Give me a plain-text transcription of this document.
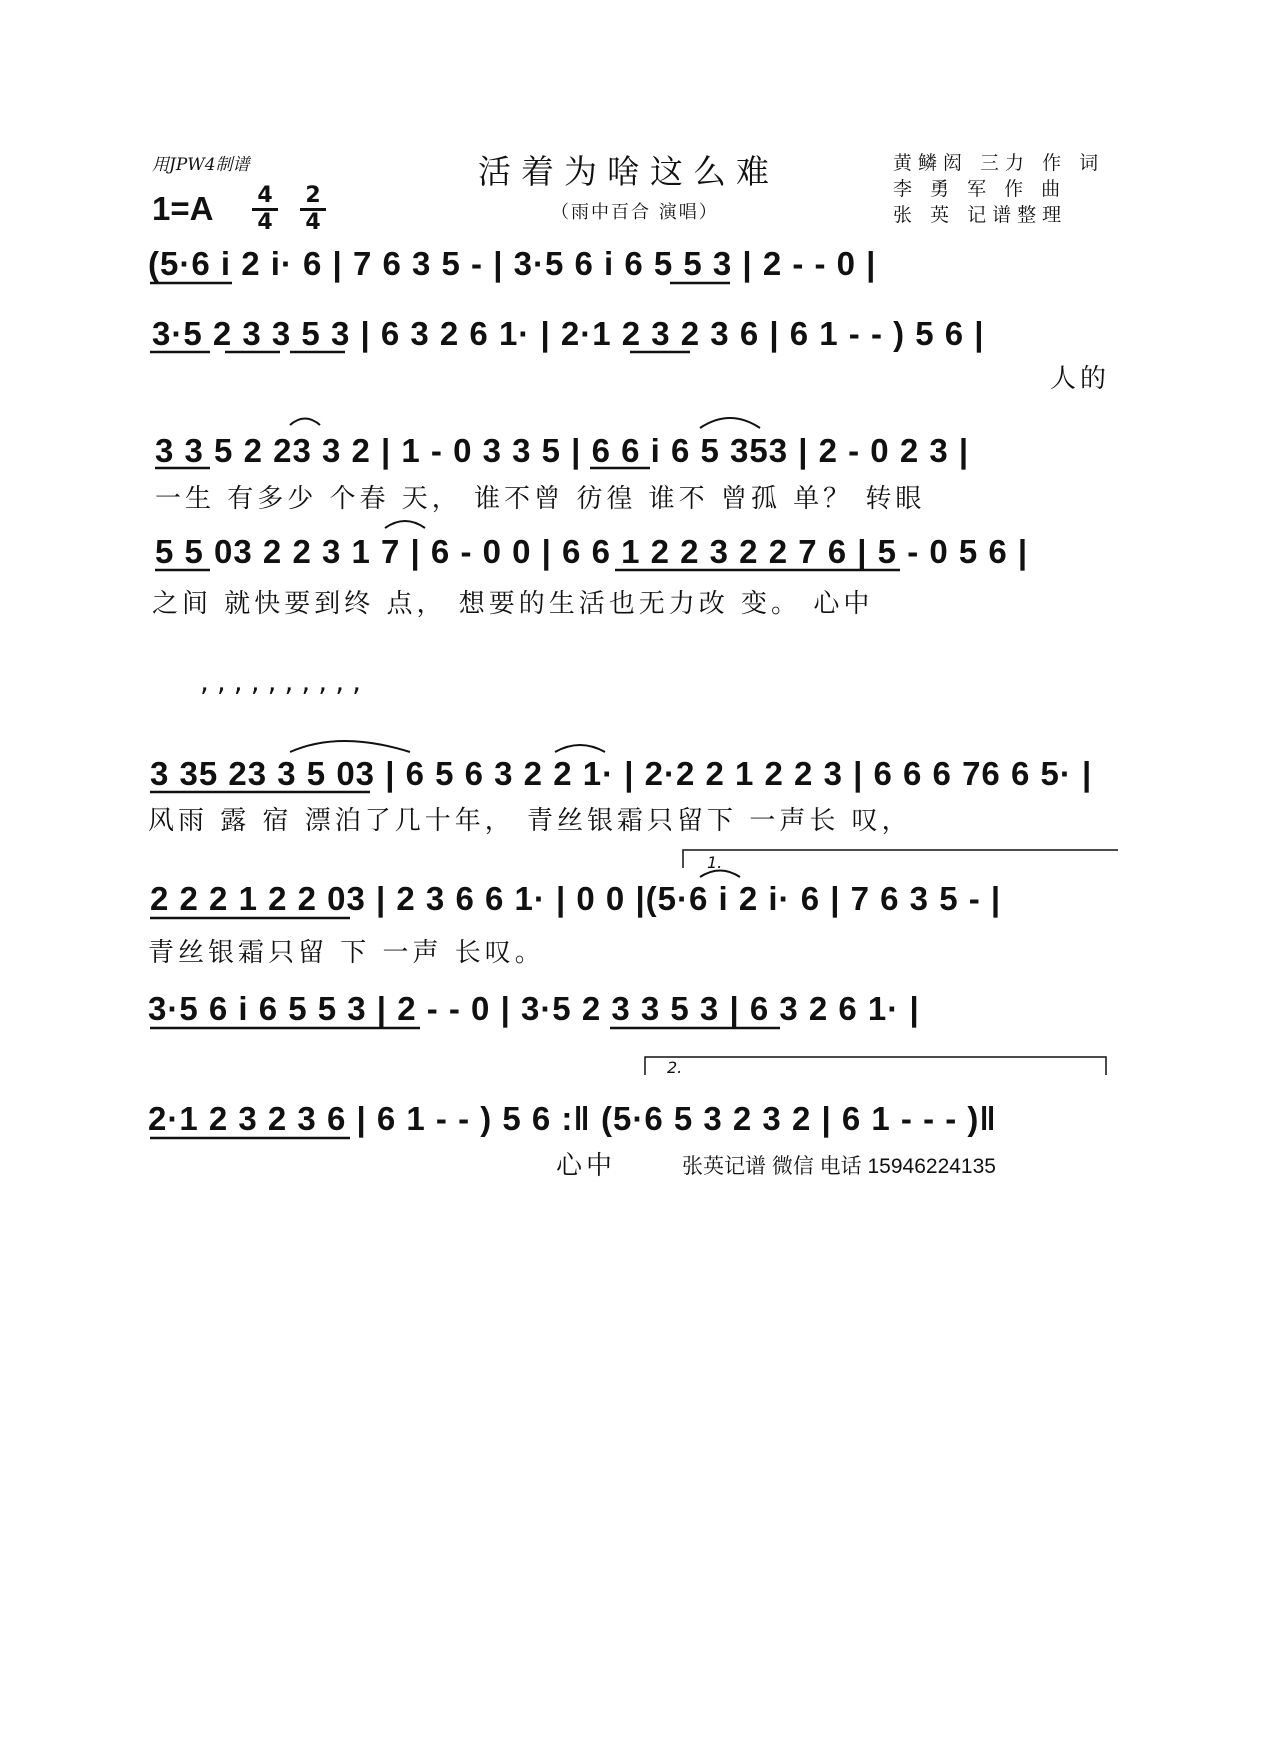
用JPW4制谱	活着为啥这么难
（雨中百合 演唱）
黄鳞闳 三力 作 词
李 勇 军 作 曲
张 英 记谱整理
1=A 4
4
2
4
(5·6 i 2 i· 6 | 7 6 3 5 - | 3·5 6 i 6 5 5 3 | 2 - - 0 |
3·5 2 3 3 5 3 | 6 3 2 6 1· | 2·1 2 3 2 3 6 | 6 1 - - ) 5 6 |
人的
3 3 5 2 23 3 2 | 1 - 0 3 3 5 | 6 6 i 6 5 353 | 2 - 0 2 3 |
一生 有多少 个春 天， 谁不曾 彷徨 谁不 曾孤 单？ 转眼
5 5 03 2 2 3 1 7 | 6 - 0 0 | 6 6 1 2 2 3 2 2 7 6 | 5 - 0 5 6 |
之间 就快要到终 点， 想要的生活也无力改 变。 心中
,,,,,,,,,,
3 35 23 3 5 03 | 6 5 6 3 2 2 1· | 2·2 2 1 2 2 3 | 6 6 6 76 6 5· |
风雨 露 宿 漂泊了几十年， 青丝银霜只留下 一声长 叹，
2 2 2 1 2 2 03 | 2 3 6 6 1· | 0 0 |(5·6 i 2 i· 6 | 7 6 3 5 - |
青丝银霜只留 下 一声 长叹。
3·5 6 i 6 5 5 3 | 2 - - 0 | 3·5 2 3 3 5 3 | 6 3 2 6 1· |
2·1 2 3 2 3 6 | 6 1 - - ) 5 6 :‖ (5·6 5 3 2 3 2 | 6 1 - - - )‖
心中
1.
2.
张英记谱 微信 电话 15946224135
